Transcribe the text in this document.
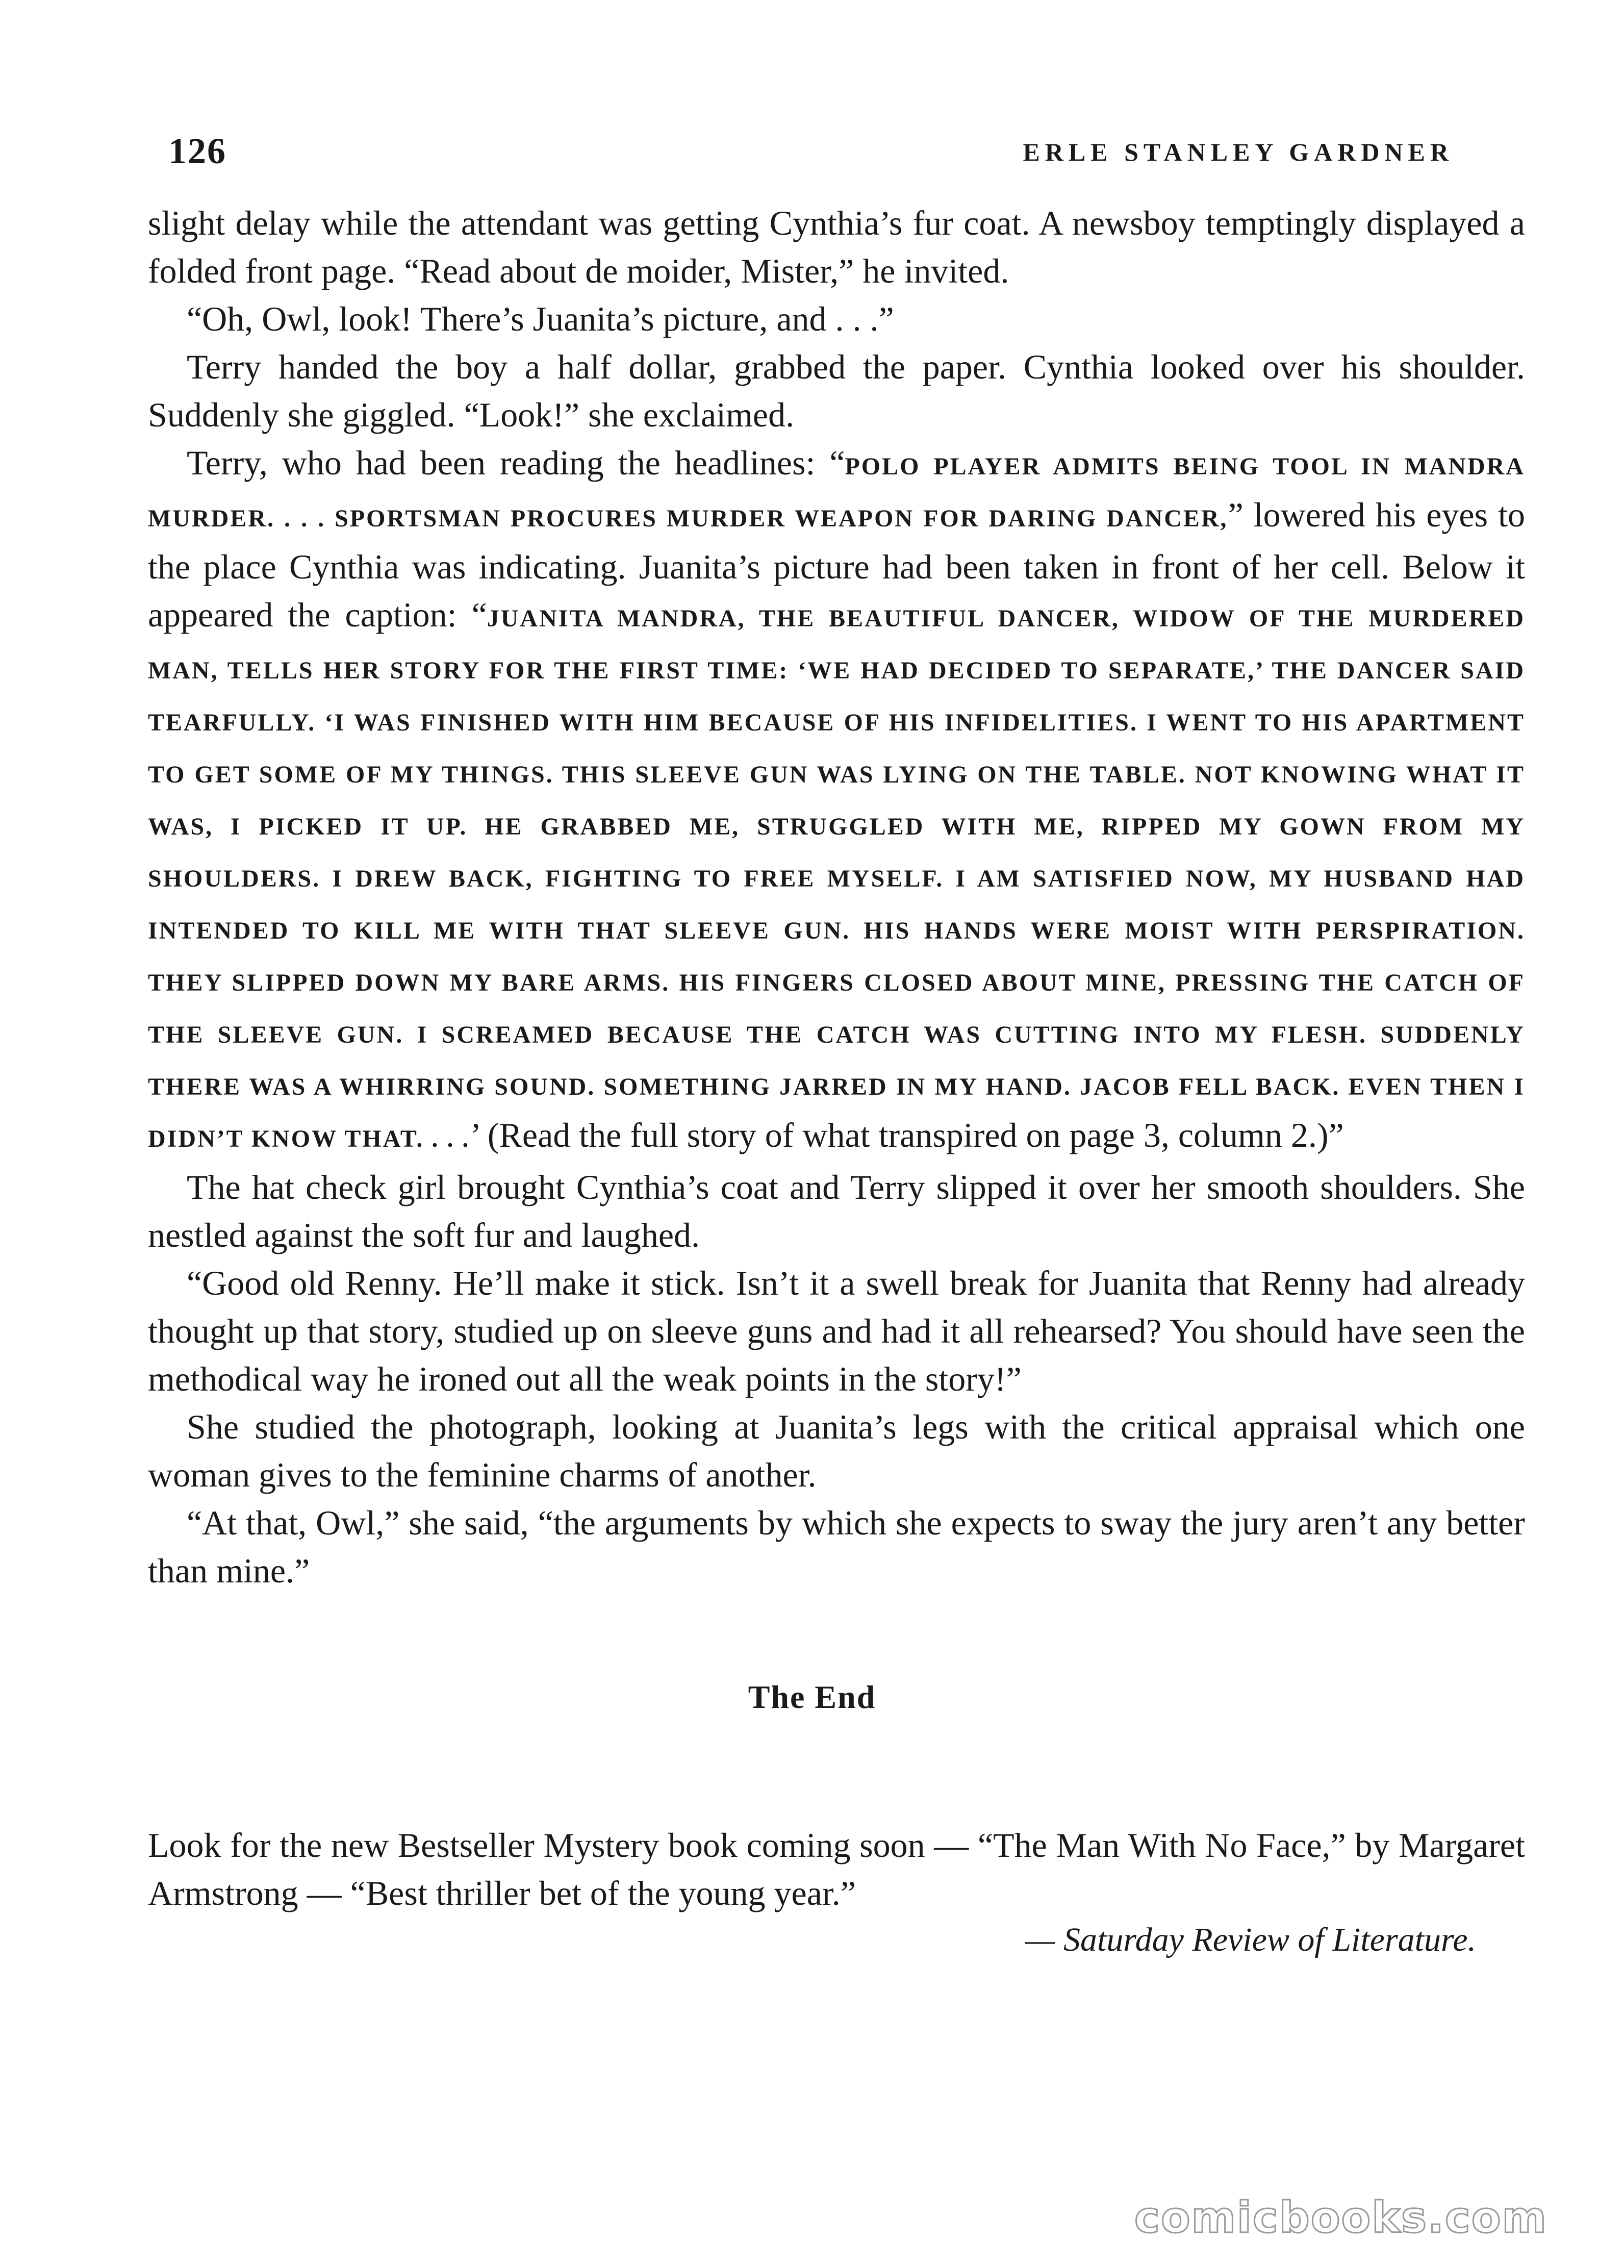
126	ERLE STANLEY GARDNER

slight delay while the attendant was getting Cynthia’s fur coat. A newsboy temptingly displayed a folded front page. “Read about de moider, Mister,” he invited.

“Oh, Owl, look! There’s Juanita’s picture, and . . .”

Terry handed the boy a half dollar, grabbed the paper. Cynthia looked over his shoulder. Suddenly she giggled. “Look!” she exclaimed.

Terry, who had been reading the headlines: “POLO PLAYER ADMITS BEING TOOL IN MANDRA MURDER. . . . SPORTSMAN PROCURES MURDER WEAPON FOR DARING DANCER,” lowered his eyes to the place Cynthia was indicating. Juanita’s picture had been taken in front of her cell. Below it appeared the caption: “JUANITA MANDRA, THE BEAUTIFUL DANCER, WIDOW OF THE MURDERED MAN, TELLS HER STORY FOR THE FIRST TIME: ‘WE HAD DECIDED TO SEPARATE,’ THE DANCER SAID TEARFULLY. ‘I WAS FINISHED WITH HIM BECAUSE OF HIS INFIDELITIES. I WENT TO HIS APARTMENT TO GET SOME OF MY THINGS. THIS SLEEVE GUN WAS LYING ON THE TABLE. NOT KNOWING WHAT IT WAS, I PICKED IT UP. HE GRABBED ME, STRUGGLED WITH ME, RIPPED MY GOWN FROM MY SHOULDERS. I DREW BACK, FIGHTING TO FREE MYSELF. I AM SATISFIED NOW, MY HUSBAND HAD INTENDED TO KILL ME WITH THAT SLEEVE GUN. HIS HANDS WERE MOIST WITH PERSPIRATION. THEY SLIPPED DOWN MY BARE ARMS. HIS FINGERS CLOSED ABOUT MINE, PRESSING THE CATCH OF THE SLEEVE GUN. I SCREAMED BECAUSE THE CATCH WAS CUTTING INTO MY FLESH. SUDDENLY THERE WAS A WHIRRING SOUND. SOMETHING JARRED IN MY HAND. JACOB FELL BACK. EVEN THEN I DIDN’T KNOW THAT. . . .’ (Read the full story of what transpired on page 3, column 2.)”

The hat check girl brought Cynthia’s coat and Terry slipped it over her smooth shoulders. She nestled against the soft fur and laughed.

“Good old Renny. He’ll make it stick. Isn’t it a swell break for Juanita that Renny had already thought up that story, studied up on sleeve guns and had it all rehearsed? You should have seen the methodical way he ironed out all the weak points in the story!”

She studied the photograph, looking at Juanita’s legs with the critical appraisal which one woman gives to the feminine charms of another.

“At that, Owl,” she said, “the arguments by which she expects to sway the jury aren’t any better than mine.”

The End

Look for the new Bestseller Mystery book coming soon — “The Man With No Face,” by Margaret Armstrong — “Best thriller bet of the young year.”

— Saturday Review of Literature.
comicbooks.com
